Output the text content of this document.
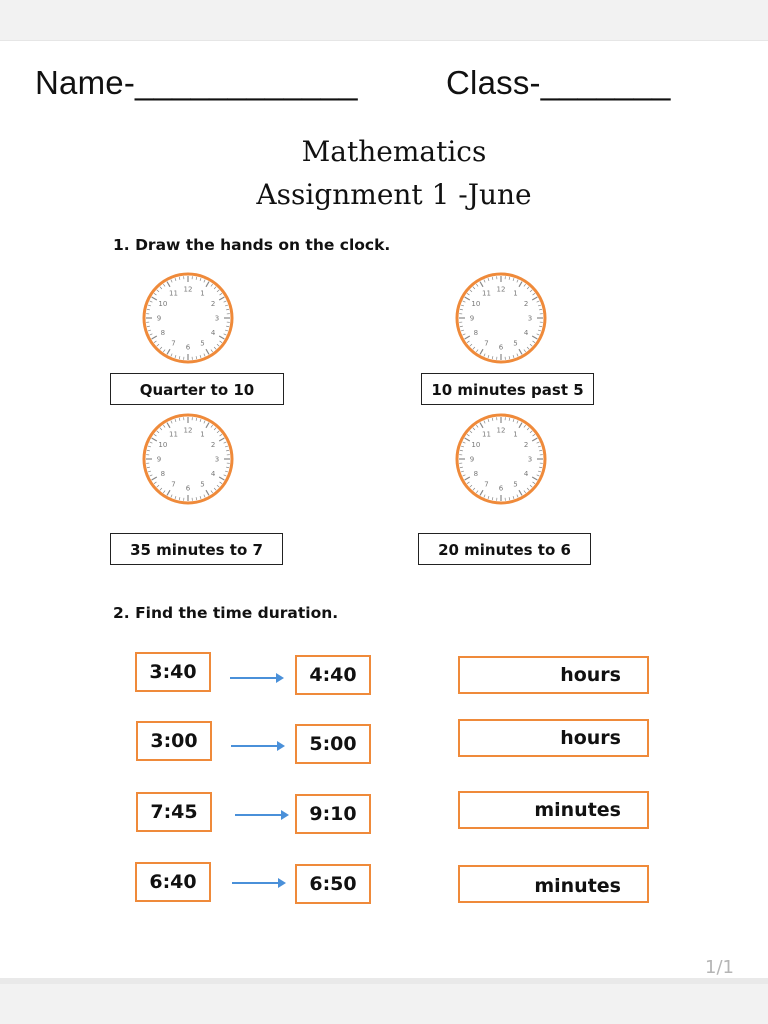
Name-____________	Class-_______
Mathematics
Assignment 1 -June
1. Draw the hands on the clock.
12 1
2
3
4
5
6
7
8
9
10
11	12 1
2
3
4
5
6
7
8
9
10
11
12 1
2
3
4
5
6
7
8
9
10
11	12 1
2
3
4
5
6
7
8
9
10
11
Quarter to 10	10 minutes past 5
35 minutes to 7	20 minutes to 6
2. Find the time duration.
3:40	4:40	hours
3:00	5:00	hours
7:45	9:10	minutes
6:40	6:50	minutes
1/1
